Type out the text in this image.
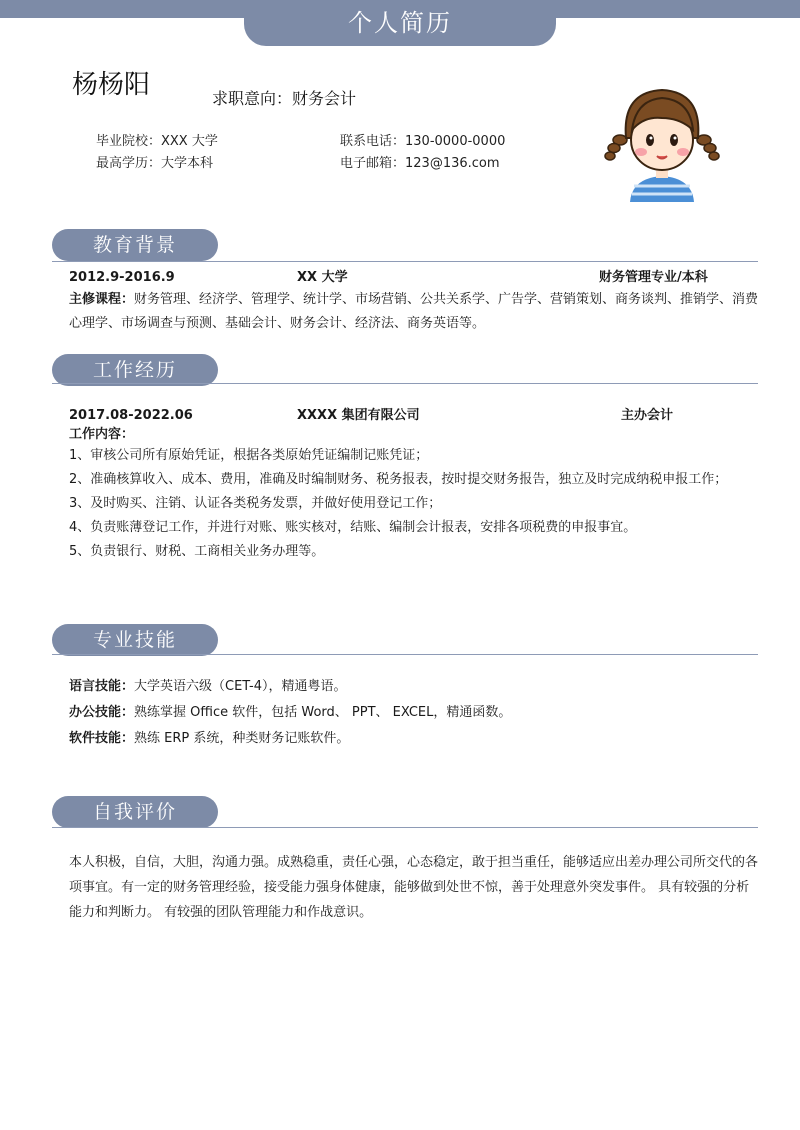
个人简历
杨杨阳	求职意向：财务会计
毕业院校：XXX 大学
最高学历：大学本科
联系电话：130-0000-0000
电子邮箱：123@136.com
教育背景
2012.9-2016.9	XX 大学	财务管理专业/本科

主修课程：财务管理、经济学、管理学、统计学、市场营销、公共关系学、广告学、营销策划、商务谈判、推销学、消费心理学、市场调查与预测、基础会计、财务会计、经济法、商务英语等。

工作经历
2017.08-2022.06	XXXX 集团有限公司	主办会计

工作内容：

1、审核公司所有原始凭证，根据各类原始凭证编制记账凭证；

2、准确核算收入、成本、费用，准确及时编制财务、税务报表，按时提交财务报告，独立及时完成纳税申报工作；

3、及时购买、注销、认证各类税务发票，并做好使用登记工作；

4、负责账薄登记工作，并进行对账、账实核对，结账、编制会计报表，安排各项税费的申报事宜。

5、负责银行、财税、工商相关业务办理等。

专业技能

语言技能：大学英语六级（CET-4），精通粤语。

办公技能：熟练掌握 Office 软件，包括 Word、 PPT、 EXCEL，精通函数。

软件技能：熟练 ERP 系统，种类财务记账软件。

自我评价

本人积极，自信，大胆，沟通力强。成熟稳重，责任心强，心态稳定，敢于担当重任，能够适应出差办理公司所交代的各项事宜。有一定的财务管理经验，接受能力强身体健康，能够做到处世不惊，善于处理意外突发事件。 具有较强的分析能力和判断力。 有较强的团队管理能力和作战意识。
